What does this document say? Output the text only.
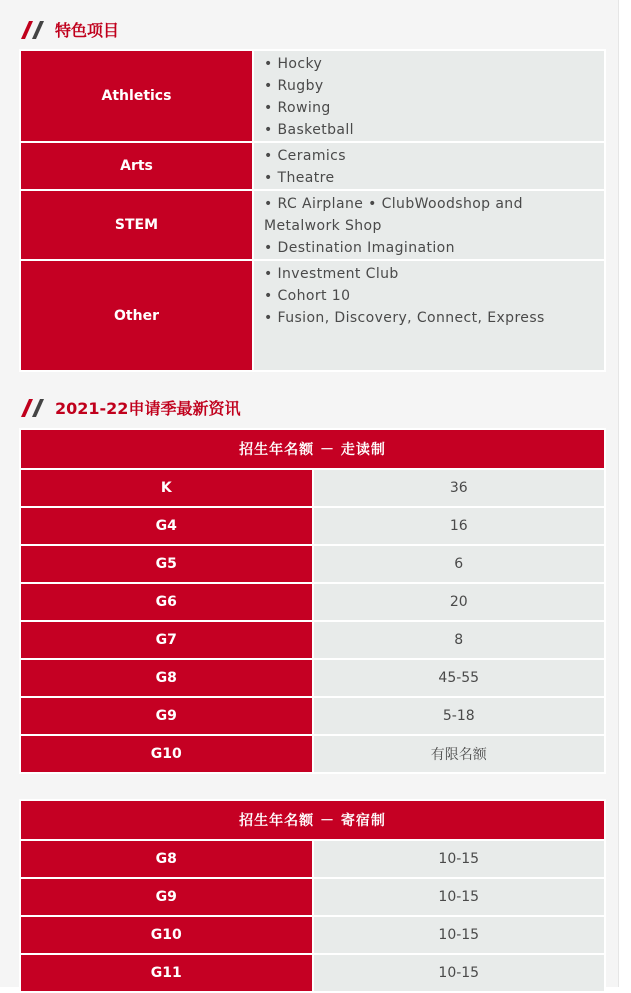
特色项目
Athletics	• Hocky
• Rugby
• Rowing
• Basketball

Arts	• Ceramics
• Theatre

STEM	• RC Airplane • ClubWoodshop and Metalwork Shop
• Destination Imagination

Other	• Investment Club
• Cohort 10
• Fusion, Discovery, Connect, Express
2021-22申请季最新资讯
招生年名额 － 走读制	
K	36
G4	16
G5	6
G6	20
G7	8
G8	45-55
G9	5-18
G10	有限名额
招生年名额 － 寄宿制	
G8	10-15
G9	10-15
G10	10-15
G11	10-15
